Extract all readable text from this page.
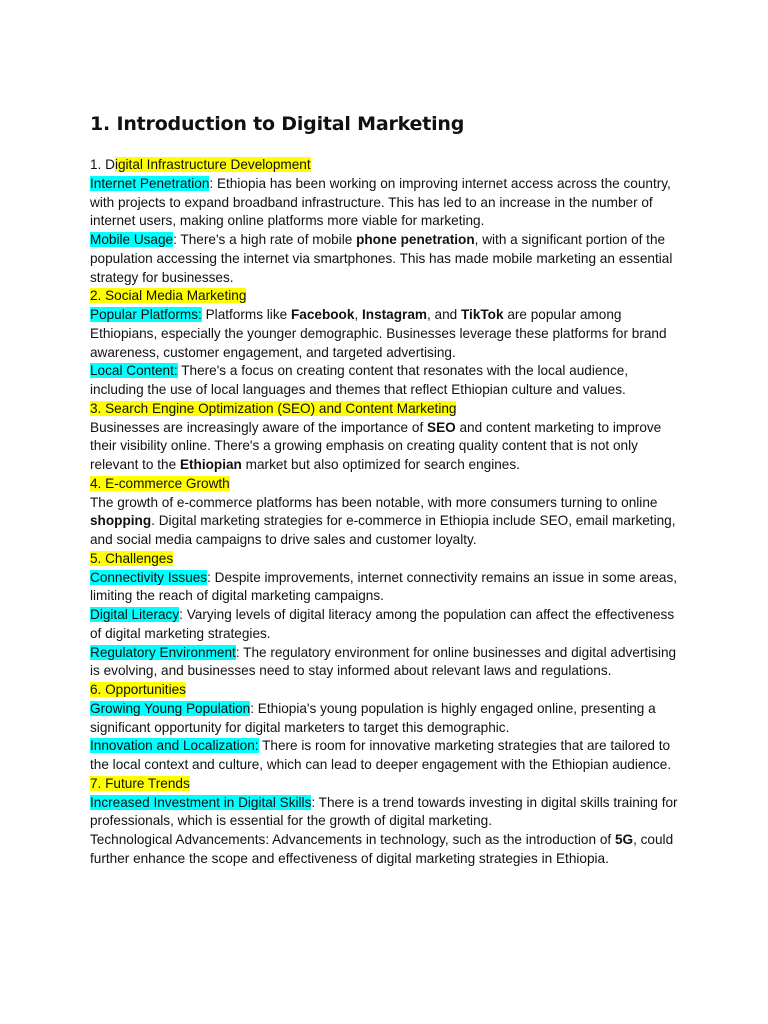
1. Introduction to Digital Marketing

1. Digital Infrastructure Development

Internet Penetration: Ethiopia has been working on improving internet access across the country, with projects to expand broadband infrastructure. This has led to an increase in the number of internet users, making online platforms more viable for marketing.

Mobile Usage: There's a high rate of mobile phone penetration, with a significant portion of the population accessing the internet via smartphones. This has made mobile marketing an essential strategy for businesses.

2. Social Media Marketing

Popular Platforms: Platforms like Facebook, Instagram, and TikTok are popular among Ethiopians, especially the younger demographic. Businesses leverage these platforms for brand awareness, customer engagement, and targeted advertising.

Local Content: There's a focus on creating content that resonates with the local audience, including the use of local languages and themes that reflect Ethiopian culture and values.

3. Search Engine Optimization (SEO) and Content Marketing

Businesses are increasingly aware of the importance of SEO and content marketing to improve their visibility online. There's a growing emphasis on creating quality content that is not only relevant to the Ethiopian market but also optimized for search engines.

4. E-commerce Growth

The growth of e-commerce platforms has been notable, with more consumers turning to online shopping. Digital marketing strategies for e-commerce in Ethiopia include SEO, email marketing, and social media campaigns to drive sales and customer loyalty.

5. Challenges

Connectivity Issues: Despite improvements, internet connectivity remains an issue in some areas, limiting the reach of digital marketing campaigns.

Digital Literacy: Varying levels of digital literacy among the population can affect the effectiveness of digital marketing strategies.

Regulatory Environment: The regulatory environment for online businesses and digital advertising is evolving, and businesses need to stay informed about relevant laws and regulations.

6. Opportunities

Growing Young Population: Ethiopia's young population is highly engaged online, presenting a significant opportunity for digital marketers to target this demographic.

Innovation and Localization: There is room for innovative marketing strategies that are tailored to the local context and culture, which can lead to deeper engagement with the Ethiopian audience.

7. Future Trends

Increased Investment in Digital Skills: There is a trend towards investing in digital skills training for professionals, which is essential for the growth of digital marketing.

Technological Advancements: Advancements in technology, such as the introduction of 5G, could further enhance the scope and effectiveness of digital marketing strategies in Ethiopia.
